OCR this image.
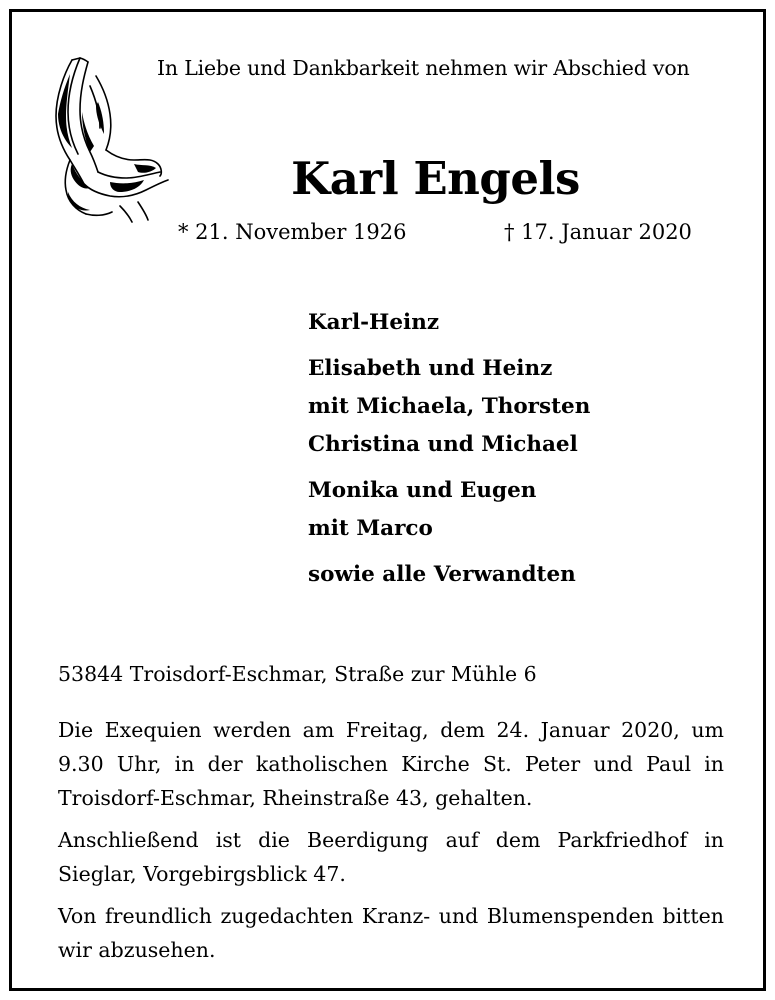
In Liebe und Dankbarkeit nehmen wir Abschied von
Karl Engels
* 21. November 1926	† 17. Januar 2020
Karl-Heinz
Elisabeth und Heinz
mit Michaela, Thorsten
Christina und Michael
Monika und Eugen
mit Marco
sowie alle Verwandten
53844 Troisdorf-Eschmar, Straße zur Mühle 6

Die Exequien werden am Freitag, dem 24. Januar 2020, um 9.30 Uhr, in der katholischen Kirche St. Peter und Paul in Troisdorf-Eschmar, Rheinstraße 43, gehalten.

Anschließend ist die Beerdigung auf dem Parkfriedhof in Sieglar, Vorgebirgsblick 47.

Von freundlich zugedachten Kranz- und Blumenspenden bitten wir abzusehen.
